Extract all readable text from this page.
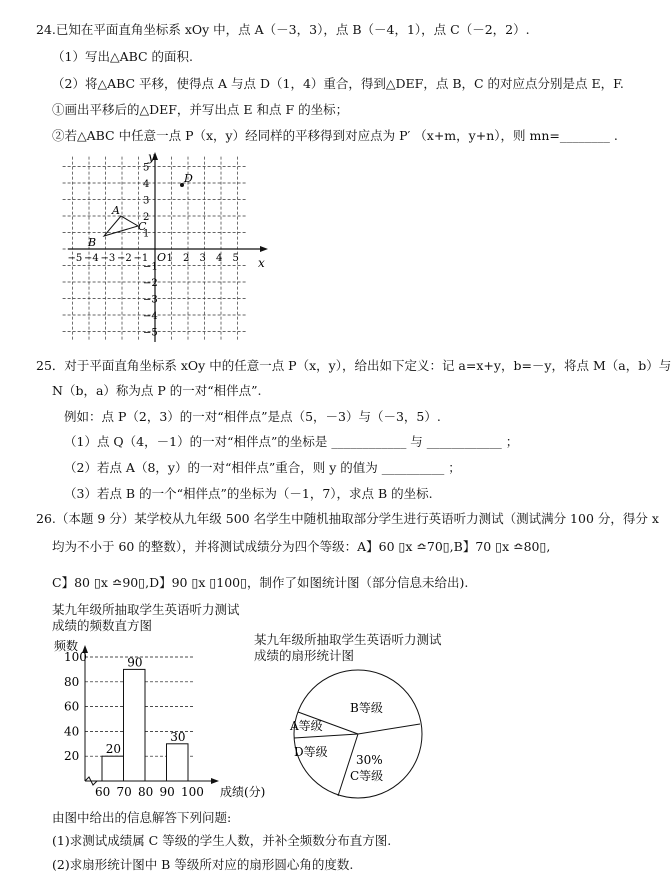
24.已知在平面直角坐标系 xOy 中，点 A（－3，3），点 B（－4，1），点 C（－2，2）.
（1）写出△ABC 的面积.
（2）将△ABC 平移，使得点 A 与点 D（1，4）重合，得到△DEF，点 B，C 的对应点分别是点 E，F.
①画出平移后的△DEF，并写出点 E 和点 F 的坐标；
②若△ABC 中任意一点 P（x，y）经同样的平移得到对应点为 P′ （x+m，y+n），则 mn=________ .
x
y
O
−5 −4 −3 −2 −1 1 2 3 4 5
5
4
3
2
1
−1
−2
−3
−4
−5
A
B
C
D
25．对于平面直角坐标系 xOy 中的任意一点 P（x，y），给出如下定义：记 a=x+y，b=－y，将点 M（a，b）与
N（b，a）称为点 P 的一对“相伴点”.
例如：点 P（2，3）的一对“相伴点”是点（5，－3）与（－3，5）.
（1）点 Q（4，－1）的一对“相伴点”的坐标是 ____________ 与 ____________ ；
（2）若点 A（8，y）的一对“相伴点”重合，则 y 的值为 __________ ；
（3）若点 B 的一个“相伴点”的坐标为（－1，7），求点 B 的坐标.
26.（本题 9 分）某学校从九年级 500 名学生中随机抽取部分学生进行英语听力测试（测试满分 100 分，得分 x
均为不小于 60 的整数），并将测试成绩分为四个等级：A】60 ▯x ≏70▯,B】70 ▯x ≏80▯,
C】80 ▯x ≏90▯,D】90 ▯x ▯100▯，制作了如图统计图（部分信息未给出).
某九年级所抽取学生英语听力测试
成绩的频数直方图
某九年级所抽取学生英语听力测试
成绩的扇形统计图
频数
20
90
30
20
40
60
80
100
60 70 80 90 100 成绩(分)
B等级
A等级
D等级
30%
C等级
由图中给出的信息解答下列问题:
(1)求测试成绩属 C 等级的学生人数，并补全频数分布直方图.
(2)求扇形统计图中 B 等级所对应的扇形圆心角的度数.
